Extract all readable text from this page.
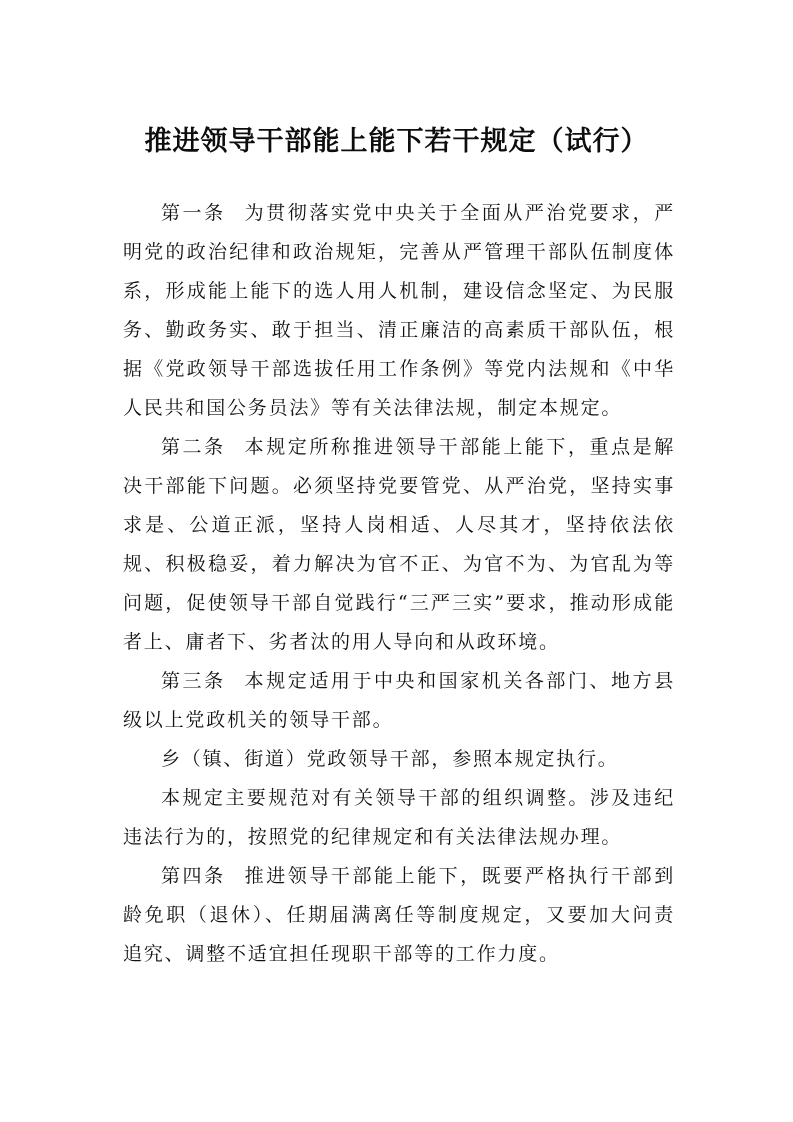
推进领导干部能上能下若干规定（试行）

第一条 为贯彻落实党中央关于全面从严治党要求，严明党的政治纪律和政治规矩，完善从严管理干部队伍制度体系，形成能上能下的选人用人机制，建设信念坚定、为民服务、勤政务实、敢于担当、清正廉洁的高素质干部队伍，根据《党政领导干部选拔任用工作条例》等党内法规和《中华人民共和国公务员法》等有关法律法规，制定本规定。

第二条 本规定所称推进领导干部能上能下，重点是解决干部能下问题。必须坚持党要管党、从严治党，坚持实事求是、公道正派，坚持人岗相适、人尽其才，坚持依法依规、积极稳妥，着力解决为官不正、为官不为、为官乱为等问题，促使领导干部自觉践行“三严三实”要求，推动形成能者上、庸者下、劣者汰的用人导向和从政环境。

第三条 本规定适用于中央和国家机关各部门、地方县级以上党政机关的领导干部。

乡（镇、街道）党政领导干部，参照本规定执行。

本规定主要规范对有关领导干部的组织调整。涉及违纪违法行为的，按照党的纪律规定和有关法律法规办理。

第四条 推进领导干部能上能下，既要严格执行干部到龄免职（退休）、任期届满离任等制度规定，又要加大问责追究、调整不适宜担任现职干部等的工作力度。
